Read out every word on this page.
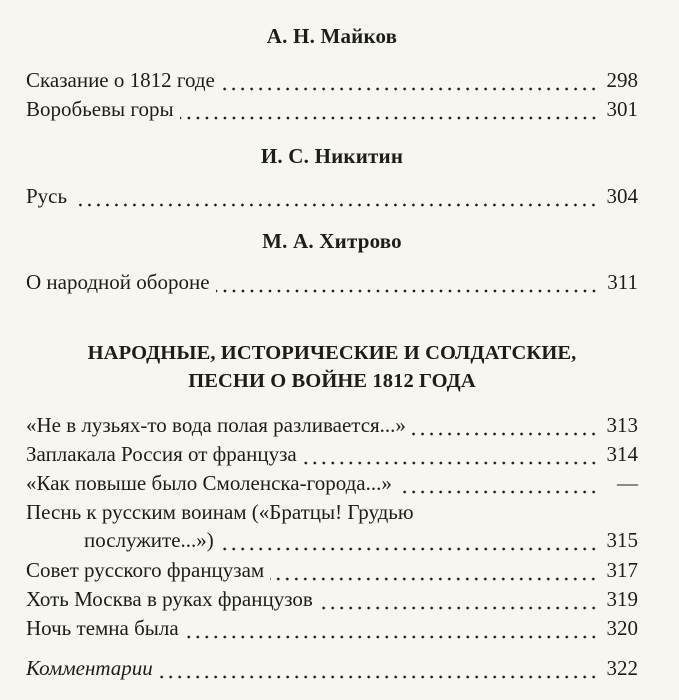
А. Н. Майков
Сказание о 1812 годе	298
Воробьевы горы	301
И. С. Никитин
Русь	304
М. А. Хитрово
О народной обороне	311
НАРОДНЫЕ, ИСТОРИЧЕСКИЕ И СОЛДАТСКИЕ,
ПЕСНИ О ВОЙНЕ 1812 ГОДА
«Не в лузьях-то вода полая разливается...»	313
Заплакала Россия от француза	314
«Как повыше было Смоленска-города...»	—
Песнь к русским воинам («Братцы! Грудью
послужите...»)	315
Совет русского французам	317
Хоть Москва в руках французов	319
Ночь темна была	320
Комментарии	322
